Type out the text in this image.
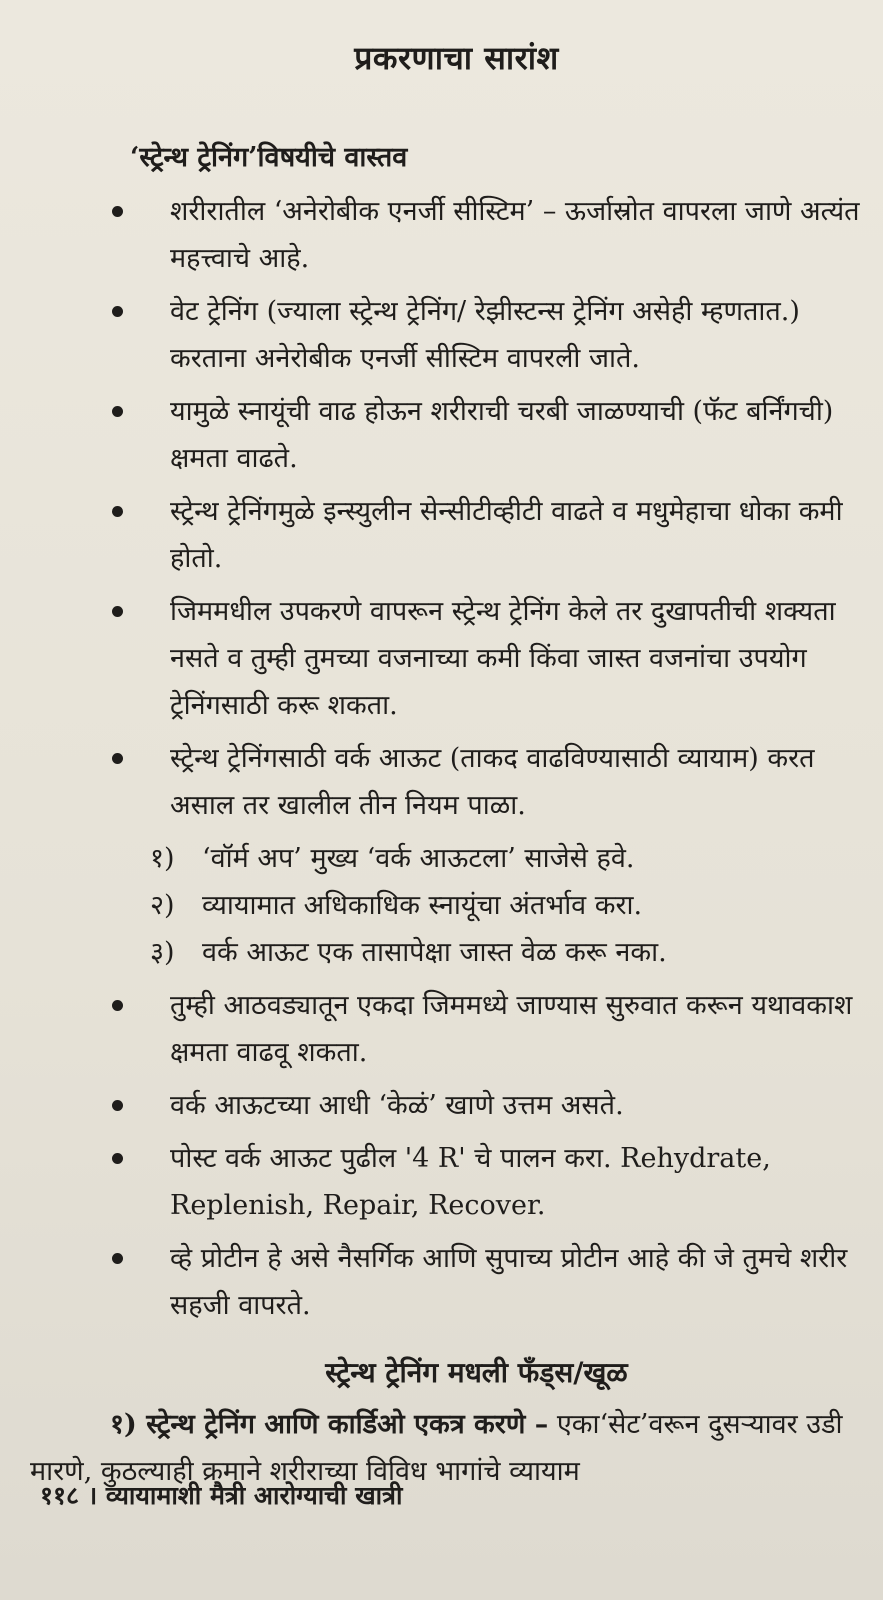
प्रकरणाचा सारांश
‘स्ट्रेन्थ ट्रेनिंग’विषयीचे वास्तव
शरीरातील ‘अनेरोबीक एनर्जी सीस्टिम’ – ऊर्जास्रोत वापरला जाणे अत्यंत महत्त्वाचे आहे.
वेट ट्रेनिंग (ज्याला स्ट्रेन्थ ट्रेनिंग/ रेझीस्टन्स ट्रेनिंग असेही म्हणतात.) करताना अनेरोबीक एनर्जी सीस्टिम वापरली जाते.
यामुळे स्नायूंची वाढ होऊन शरीराची चरबी जाळण्याची (फॅट बर्निंगची) क्षमता वाढते.
स्ट्रेन्थ ट्रेनिंगमुळे इन्स्युलीन सेन्सीटीव्हीटी वाढते व मधुमेहाचा धोका कमी होतो.
जिममधील उपकरणे वापरून स्ट्रेन्थ ट्रेनिंग केले तर दुखापतीची शक्यता नसते व तुम्ही तुमच्या वजनाच्या कमी किंवा जास्त वजनांचा उपयोग ट्रेनिंगसाठी करू शकता.
स्ट्रेन्थ ट्रेनिंगसाठी वर्क आऊट (ताकद वाढविण्यासाठी व्यायाम) करत असाल तर खालील तीन नियम पाळा.
१) ‘वॉर्म अप’ मुख्य ‘वर्क आऊटला’ साजेसे हवे.
२) व्यायामात अधिकाधिक स्नायूंचा अंतर्भाव करा.
३) वर्क आऊट एक तासापेक्षा जास्त वेळ करू नका.
तुम्ही आठवड्यातून एकदा जिममध्ये जाण्यास सुरुवात करून यथावकाश क्षमता वाढवू शकता.
वर्क आऊटच्या आधी ‘केळं’ खाणे उत्तम असते.
पोस्ट वर्क आऊट पुढील '4 R' चे पालन करा. Rehydrate, Replenish, Repair, Recover.
व्हे प्रोटीन हे असे नैसर्गिक आणि सुपाच्य प्रोटीन आहे की जे तुमचे शरीर सहजी वापरते.
स्ट्रेन्थ ट्रेनिंग मधली फॅंड्स/खूळ

१) स्ट्रेन्थ ट्रेनिंग आणि कार्डिओ एकत्र करणे – एका‘सेट’वरून दुसऱ्यावर उडी मारणे, कुठल्याही क्रमाने शरीराच्या विविध भागांचे व्यायाम

११८ । व्यायामाशी मैत्री आरोग्याची खात्री
